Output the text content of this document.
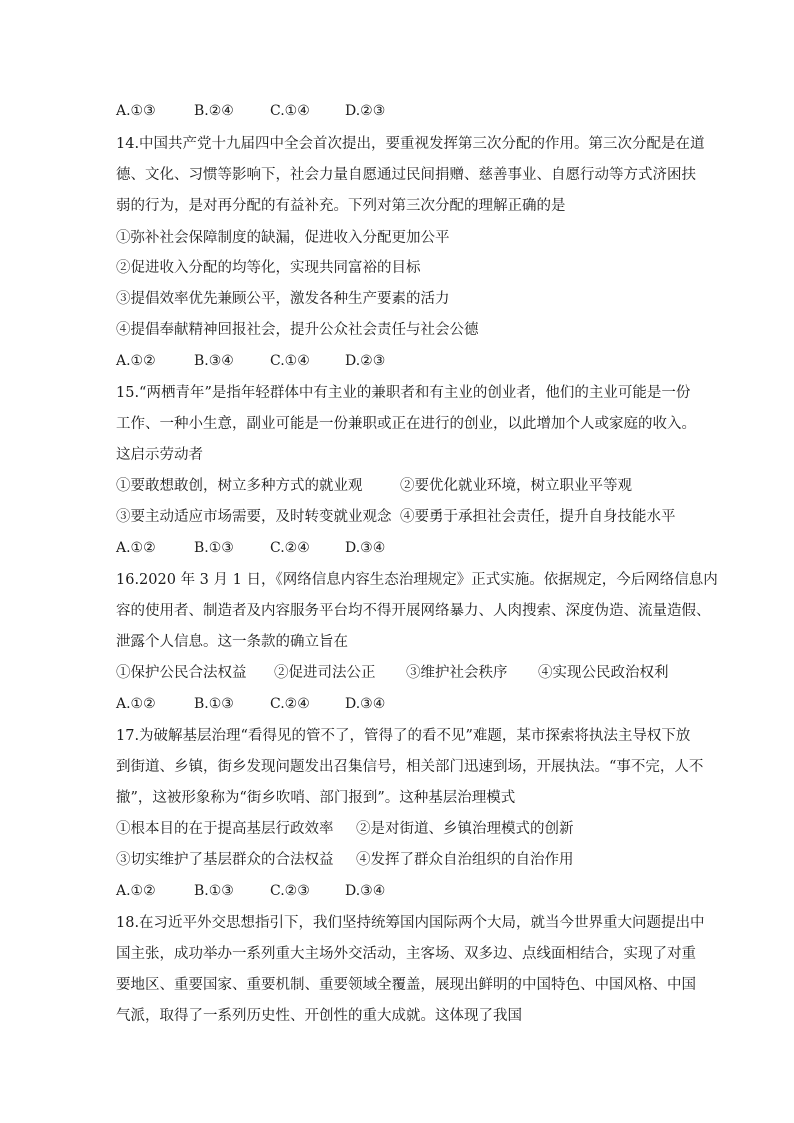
A.①③	B.②④	C.①④	D.②③
14.中国共产党十九届四中全会首次提出，要重视发挥第三次分配的作用。第三次分配是在道
德、文化、习惯等影响下，社会力量自愿通过民间捐赠、慈善事业、自愿行动等方式济困扶
弱的行为，是对再分配的有益补充。下列对第三次分配的理解正确的是
①弥补社会保障制度的缺漏，促进收入分配更加公平
②促进收入分配的均等化，实现共同富裕的目标
③提倡效率优先兼顾公平，激发各种生产要素的活力
④提倡奉献精神回报社会，提升公众社会责任与社会公德
A.①②	B.③④	C.①④	D.②③
15.“两栖青年”是指年轻群体中有主业的兼职者和有主业的创业者，他们的主业可能是一份
工作、一种小生意，副业可能是一份兼职或正在进行的创业，以此增加个人或家庭的收入。
这启示劳动者
①要敢想敢创，树立多种方式的就业观	②要优化就业环境，树立职业平等观
③要主动适应市场需要，及时转变就业观念 ④要勇于承担社会责任，提升自身技能水平
A.①②	B.①③	C.②④	D.③④
16.2020 年 3 月 1 日，《网络信息内容生态治理规定》正式实施。依据规定，今后网络信息内
容的使用者、制造者及内容服务平台均不得开展网络暴力、人肉搜索、深度伪造、流量造假、
泄露个人信息。这一条款的确立旨在
①保护公民合法权益 ②促进司法公正 ③维护社会秩序 ④实现公民政治权利
A.①②	B.①③	C.②④	D.③④
17.为破解基层治理“看得见的管不了，管得了的看不见”难题，某市探索将执法主导权下放
到街道、乡镇，街乡发现问题发出召集信号，相关部门迅速到场，开展执法。“事不完，人不
撤”，这被形象称为“街乡吹哨、部门报到”。这种基层治理模式
①根本目的在于提高基层行政效率 ②是对街道、乡镇治理模式的创新
③切实维护了基层群众的合法权益 ④发挥了群众自治组织的自治作用
A.①②	B.①③	C.②③	D.③④
18.在习近平外交思想指引下，我们坚持统筹国内国际两个大局，就当今世界重大问题提出中
国主张，成功举办一系列重大主场外交活动，主客场、双多边、点线面相结合，实现了对重
要地区、重要国家、重要机制、重要领域全覆盖，展现出鲜明的中国特色、中国风格、中国
气派，取得了一系列历史性、开创性的重大成就。这体现了我国
